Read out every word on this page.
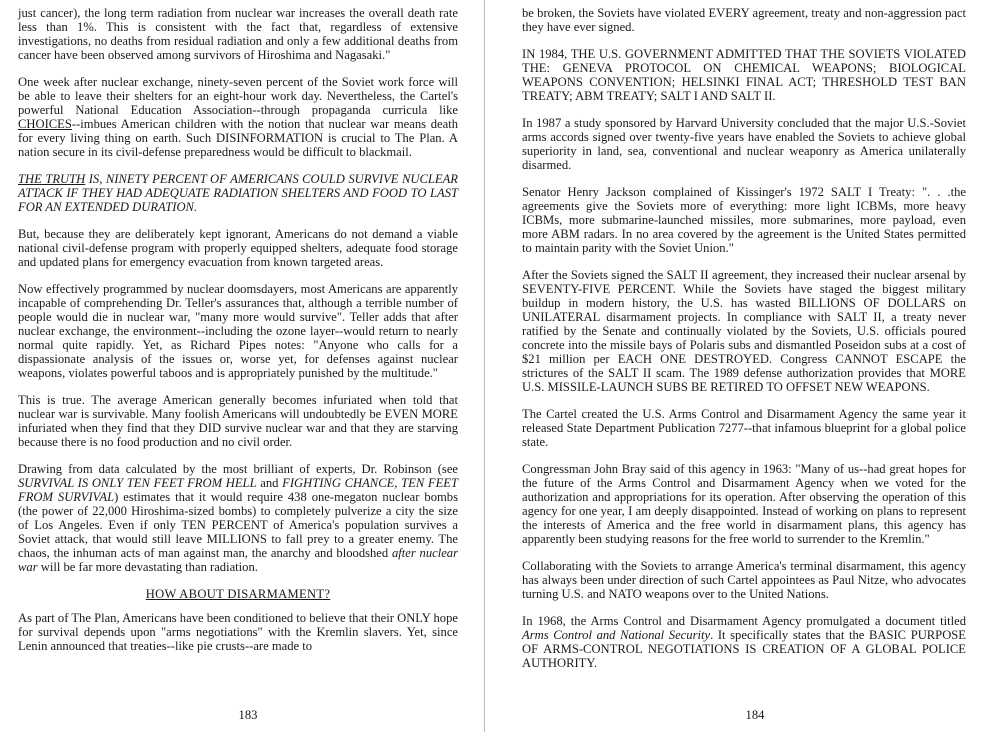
just cancer), the long term radiation from nuclear war increases the overall death rate less than 1%. This is consistent with the fact that, regardless of extensive investigations, no deaths from residual radiation and only a few additional deaths from cancer have been observed among survivors of Hiroshima and Nagasaki."

One week after nuclear exchange, ninety-seven percent of the Soviet work force will be able to leave their shelters for an eight-hour work day. Nevertheless, the Cartel's powerful National Education Association--through propaganda curricula like CHOICES--imbues American children with the notion that nuclear war means death for every living thing on earth. Such DISINFORMATION is crucial to The Plan. A nation secure in its civil-defense preparedness would be difficult to blackmail.

THE TRUTH IS, NINETY PERCENT OF AMERICANS COULD SURVIVE NUCLEAR ATTACK IF THEY HAD ADEQUATE RADIATION SHELTERS AND FOOD TO LAST FOR AN EXTENDED DURATION.

But, because they are deliberately kept ignorant, Americans do not demand a viable national civil-defense program with properly equipped shelters, adequate food storage and updated plans for emergency evacuation from known targeted areas.

Now effectively programmed by nuclear doomsdayers, most Americans are apparently incapable of comprehending Dr. Teller's assurances that, although a terrible number of people would die in nuclear war, "many more would survive". Teller adds that after nuclear exchange, the environment--including the ozone layer--would return to nearly normal quite rapidly. Yet, as Richard Pipes notes: "Anyone who calls for a dispassionate analysis of the issues or, worse yet, for defenses against nuclear weapons, violates powerful taboos and is appropriately punished by the multitude."

This is true. The average American generally becomes infuriated when told that nuclear war is survivable. Many foolish Americans will undoubtedly be EVEN MORE infuriated when they find that they DID survive nuclear war and that they are starving because there is no food production and no civil order.

Drawing from data calculated by the most brilliant of experts, Dr. Robinson (see SURVIVAL IS ONLY TEN FEET FROM HELL and FIGHTING CHANCE, TEN FEET FROM SURVIVAL) estimates that it would require 438 one-megaton nuclear bombs (the power of 22,000 Hiroshima-sized bombs) to completely pulverize a city the size of Los Angeles. Even if only TEN PERCENT of America's population survives a Soviet attack, that would still leave MILLIONS to fall prey to a greater enemy. The chaos, the inhuman acts of man against man, the anarchy and bloodshed after nuclear war will be far more devastating than radiation.

HOW ABOUT DISARMAMENT?

As part of The Plan, Americans have been conditioned to believe that their ONLY hope for survival depends upon "arms negotiations" with the Kremlin slavers. Yet, since Lenin announced that treaties--like pie crusts--are made to

183

be broken, the Soviets have violated EVERY agreement, treaty and non-aggression pact they have ever signed.

IN 1984, THE U.S. GOVERNMENT ADMITTED THAT THE SOVIETS VIOLATED THE: GENEVA PROTOCOL ON CHEMICAL WEAPONS; BIOLOGICAL WEAPONS CONVENTION; HELSINKI FINAL ACT; THRESHOLD TEST BAN TREATY; ABM TREATY; SALT I AND SALT II.

In 1987 a study sponsored by Harvard University concluded that the major U.S.-Soviet arms accords signed over twenty-five years have enabled the Soviets to achieve global superiority in land, sea, conventional and nuclear weaponry as America unilaterally disarmed.

Senator Henry Jackson complained of Kissinger's 1972 SALT I Treaty: ". . .the agreements give the Soviets more of everything: more light ICBMs, more heavy ICBMs, more submarine-launched missiles, more submarines, more payload, even more ABM radars. In no area covered by the agreement is the United States permitted to maintain parity with the Soviet Union."

After the Soviets signed the SALT II agreement, they increased their nuclear arsenal by SEVENTY-FIVE PERCENT. While the Soviets have staged the biggest military buildup in modern history, the U.S. has wasted BILLIONS OF DOLLARS on UNILATERAL disarmament projects. In compliance with SALT II, a treaty never ratified by the Senate and continually violated by the Soviets, U.S. officials poured concrete into the missile bays of Polaris subs and dismantled Poseidon subs at a cost of $21 million per EACH ONE DESTROYED. Congress CANNOT ESCAPE the strictures of the SALT II scam. The 1989 defense authorization provides that MORE U.S. MISSILE-LAUNCH SUBS BE RETIRED TO OFFSET NEW WEAPONS.

The Cartel created the U.S. Arms Control and Disarmament Agency the same year it released State Department Publication 7277--that infamous blueprint for a global police state.

Congressman John Bray said of this agency in 1963: "Many of us--had great hopes for the future of the Arms Control and Disarmament Agency when we voted for the authorization and appropriations for its operation. After observing the operation of this agency for one year, I am deeply disappointed. Instead of working on plans to represent the interests of America and the free world in disarmament plans, this agency has apparently been studying reasons for the free world to surrender to the Kremlin."

Collaborating with the Soviets to arrange America's terminal disarmament, this agency has always been under direction of such Cartel appointees as Paul Nitze, who advocates turning U.S. and NATO weapons over to the United Nations.

In 1968, the Arms Control and Disarmament Agency promulgated a document titled Arms Control and National Security. It specifically states that the BASIC PURPOSE OF ARMS-CONTROL NEGOTIATIONS IS CREATION OF A GLOBAL POLICE AUTHORITY.

184
